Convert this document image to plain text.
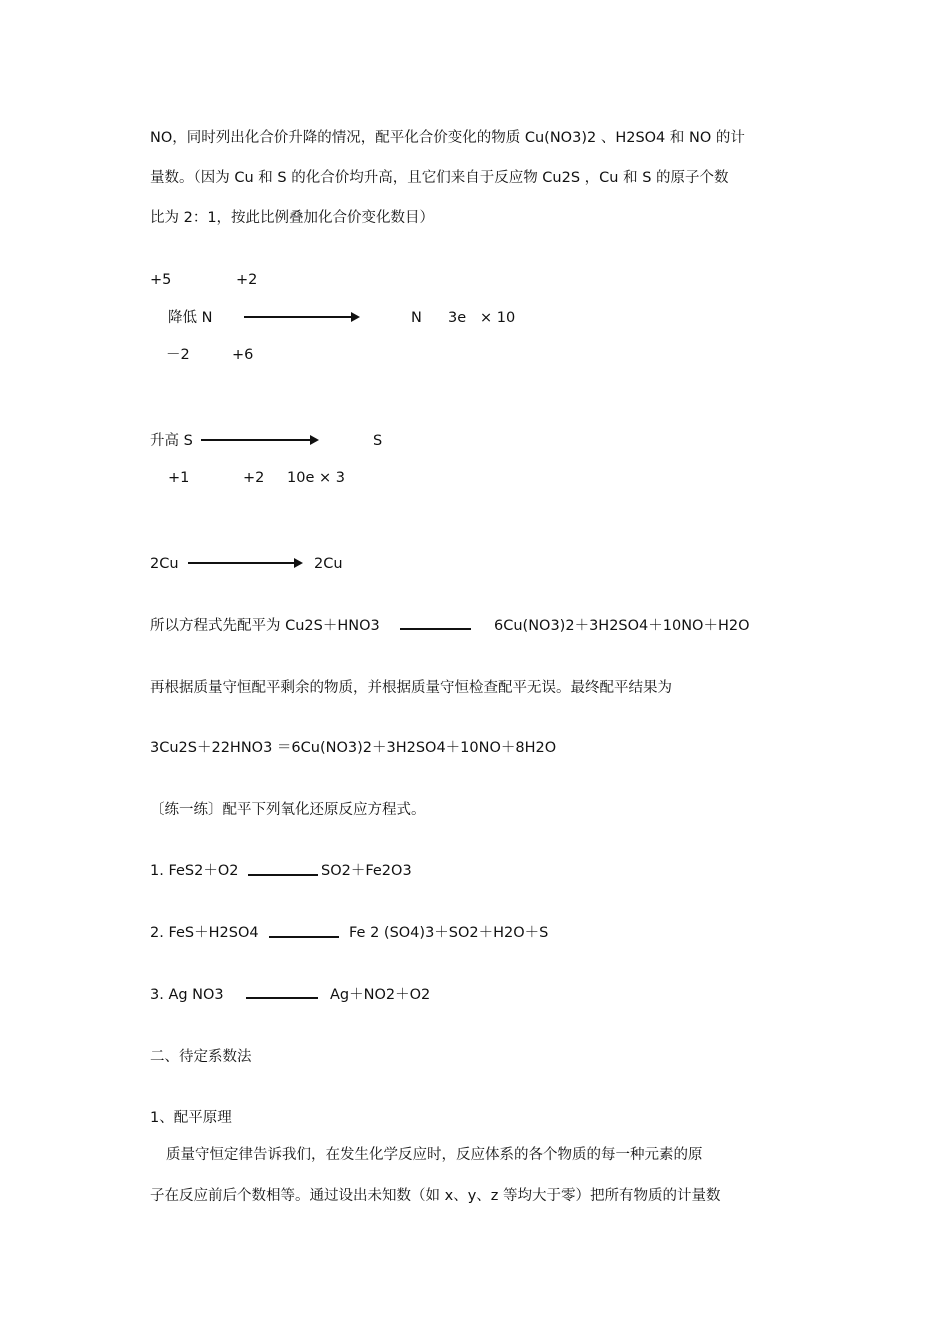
NO，同时列出化合价升降的情况，配平化合价变化的物质 Cu(NO3)2 、H2SO4 和 NO 的计
量数。（因为 Cu 和 S 的化合价均升高，且它们来自于反应物 Cu2S ，Cu 和 S 的原子个数
比为 2：1，按此比例叠加化合价变化数目）
+5	+2
降低 N	N 3e × 10
－2	+6
升高 S	S
+1	+2 10e × 3
2Cu	2Cu
所以方程式先配平为 Cu2S＋HNO3	6Cu(NO3)2＋3H2SO4＋10NO＋H2O
再根据质量守恒配平剩余的物质，并根据质量守恒检查配平无误。最终配平结果为
3Cu2S＋22HNO3 ＝6Cu(NO3)2＋3H2SO4＋10NO＋8H2O
〔练一练〕配平下列氧化还原反应方程式。
1. FeS2＋O2	SO2＋Fe2O3
2. FeS＋H2SO4	Fe 2 (SO4)3＋SO2＋H2O＋S
3. Ag NO3	Ag＋NO2＋O2
二、待定系数法
1、配平原理
质量守恒定律告诉我们，在发生化学反应时，反应体系的各个物质的每一种元素的原
子在反应前后个数相等。通过设出未知数（如 x、y、z 等均大于零）把所有物质的计量数
